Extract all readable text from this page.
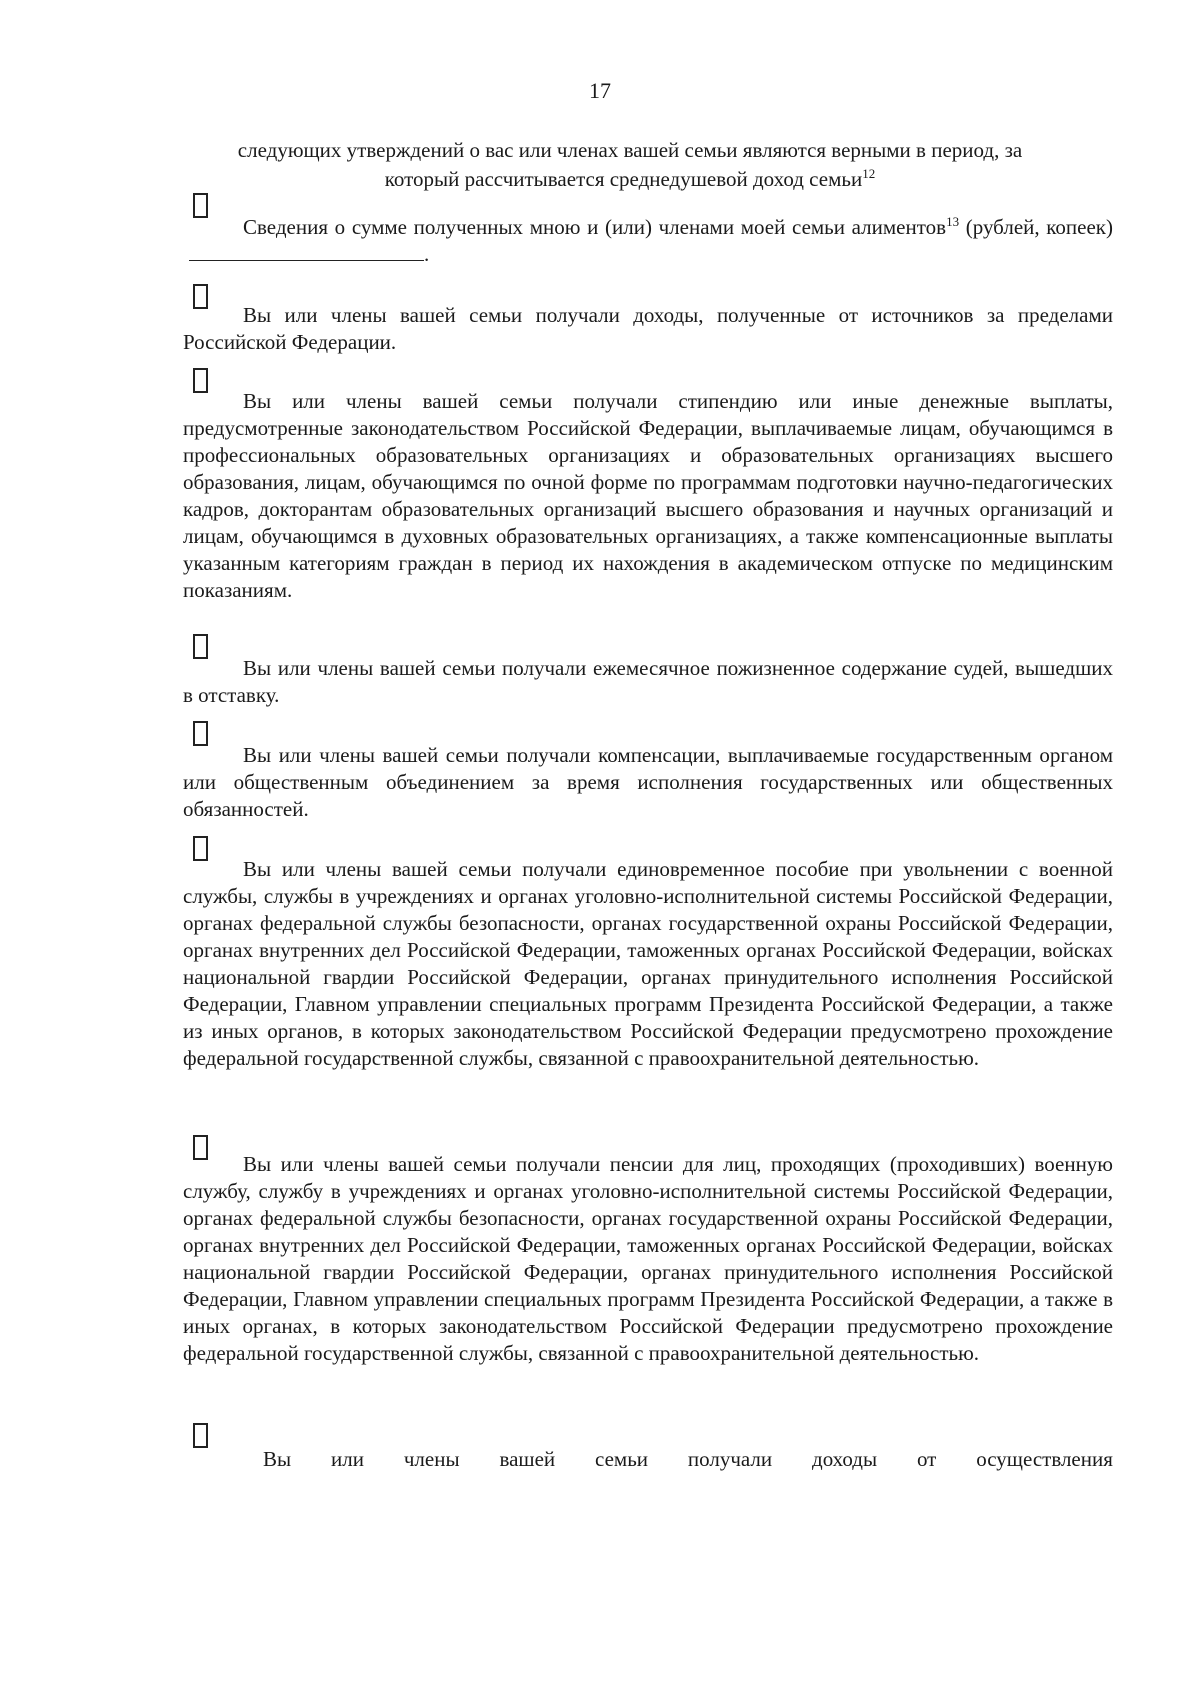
17
следующих утверждений о вас или членах вашей семьи являются верными в период, за
который рассчитывается среднедушевой доход семьи$^{12}$

Сведения о сумме полученных мною и (или) членами моей семьи алиментов$^{13}$ (рублей, копеек).

Вы или члены вашей семьи получали доходы, полученные от источников за пределами Российской Федерации.

Вы или члены вашей семьи получали стипендию или иные денежные выплаты, предусмотренные законодательством Российской Федерации, выплачиваемые лицам, обучающимся в профессиональных образовательных организациях и образовательных организациях высшего образования, лицам, обучающимся по очной форме по программам подготовки научно-педагогических кадров, докторантам образовательных организаций высшего образования и научных организаций и лицам, обучающимся в духовных образовательных организациях, а также компенсационные выплаты указанным категориям граждан в период их нахождения в академическом отпуске по медицинским показаниям.

Вы или члены вашей семьи получали ежемесячное пожизненное содержание судей, вышедших в отставку.

Вы или члены вашей семьи получали компенсации, выплачиваемые государственным органом или общественным объединением за время исполнения государственных или общественных обязанностей.

Вы или члены вашей семьи получали единовременное пособие при увольнении с военной службы, службы в учреждениях и органах уголовно-исполнительной системы Российской Федерации, органах федеральной службы безопасности, органах государственной охраны Российской Федерации, органах внутренних дел Российской Федерации, таможенных органах Российской Федерации, войсках национальной гвардии Российской Федерации, органах принудительного исполнения Российской Федерации, Главном управлении специальных программ Президента Российской Федерации, а также из иных органов, в которых законодательством Российской Федерации предусмотрено прохождение федеральной государственной службы, связанной с правоохранительной деятельностью.

Вы или члены вашей семьи получали пенсии для лиц, проходящих (проходивших) военную службу, службу в учреждениях и органах уголовно-исполнительной системы Российской Федерации, органах федеральной службы безопасности, органах государственной охраны Российской Федерации, органах внутренних дел Российской Федерации, таможенных органах Российской Федерации, войсках национальной гвардии Российской Федерации, органах принудительного исполнения Российской Федерации, Главном управлении специальных программ Президента Российской Федерации, а также в иных органах, в которых законодательством Российской Федерации предусмотрено прохождение федеральной государственной службы, связанной с правоохранительной деятельностью.

Вы или члены вашей семьи получали доходы от осуществления
